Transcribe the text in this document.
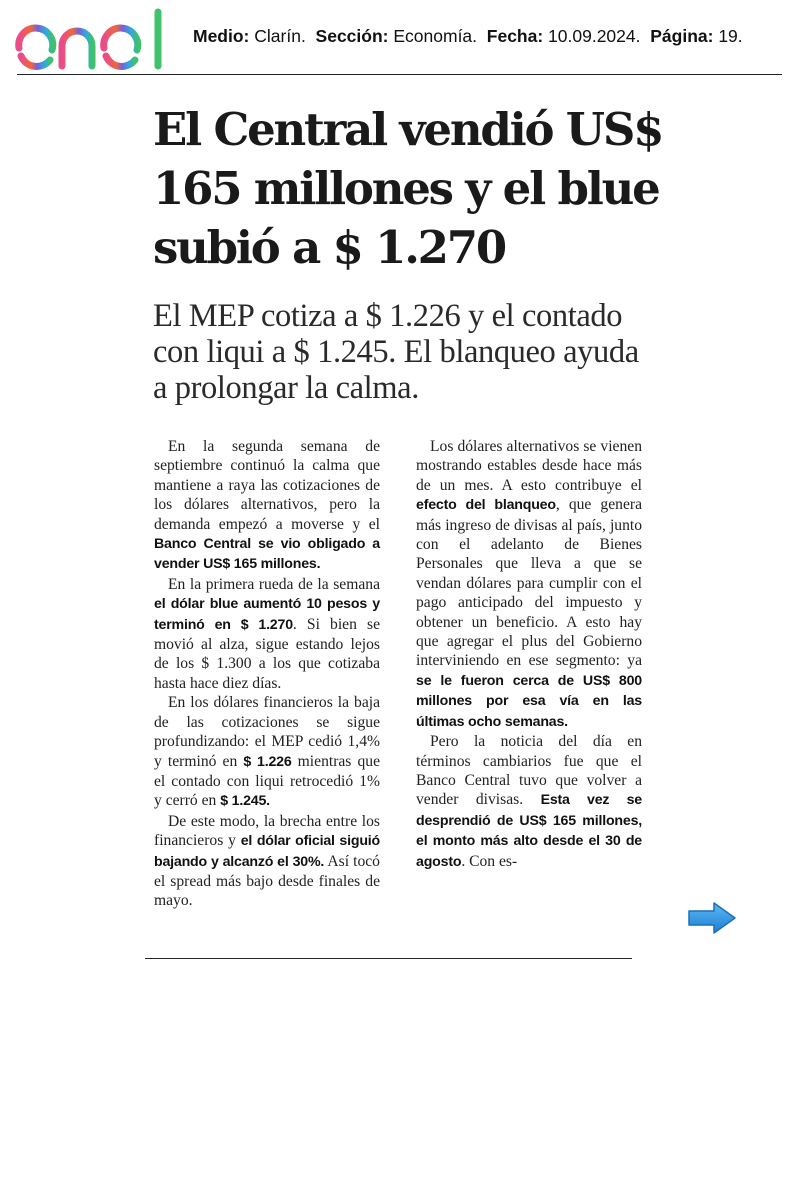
Medio: Clarín. Sección: Economía. Fecha: 10.09.2024. Página: 19.
El Central vendió US$ 165 millones y el blue subió a $ 1.270

El MEP cotiza a $ 1.226 y el contado con liqui a $ 1.245. El blanqueo ayuda a prolongar la calma.

En la segunda semana de septiembre continuó la calma que mantiene a raya las cotizaciones de los dólares alternativos, pero la demanda empezó a moverse y el Banco Central se vio obligado a vender US$ 165 millones.

En la primera rueda de la semana el dólar blue aumentó 10 pesos y terminó en $ 1.270. Si bien se movió al alza, sigue estando lejos de los $ 1.300 a los que cotizaba hasta hace diez días.

En los dólares financieros la baja de las cotizaciones se sigue profundizando: el MEP cedió 1,4% y terminó en $ 1.226 mientras que el contado con liqui retrocedió 1% y cerró en $ 1.245.

De este modo, la brecha entre los financieros y el dólar oficial siguió bajando y alcanzó el 30%. Así tocó el spread más bajo desde finales de mayo.

Los dólares alternativos se vienen mostrando estables desde hace más de un mes. A esto contribuye el efecto del blanqueo, que genera más ingreso de divisas al país, junto con el adelanto de Bienes Personales que lleva a que se vendan dólares para cumplir con el pago anticipado del impuesto y obtener un beneficio. A esto hay que agregar el plus del Gobierno interviniendo en ese segmento: ya se le fueron cerca de US$ 800 millones por esa vía en las últimas ocho semanas.

Pero la noticia del día en términos cambiarios fue que el Banco Central tuvo que volver a vender divisas. Esta vez se desprendió de US$ 165 millones, el monto más alto desde el 30 de agosto. Con es-
